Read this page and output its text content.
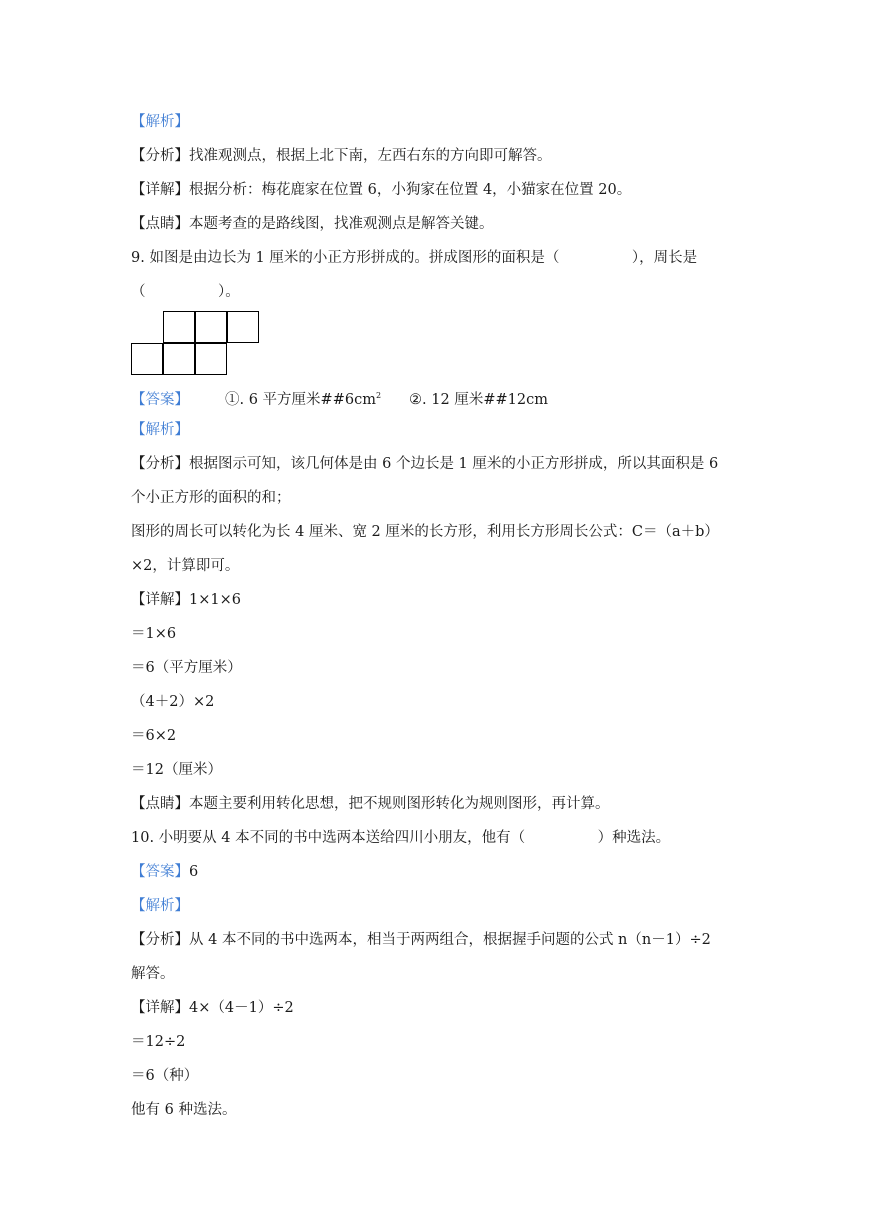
【解析】
【分析】找准观测点，根据上北下南，左西右东的方向即可解答。
【详解】根据分析：梅花鹿家在位置 6，小狗家在位置 4，小猫家在位置 20。
【点睛】本题考查的是路线图，找准观测点是解答关键。
9. 如图是由边长为 1 厘米的小正方形拼成的。拼成图形的面积是（　　　　　），周长是
（　　　　　）。
【答案】 ①. 6 平方厘米$\#\#6cm^2$ ②. 12 厘米##12cm
【解析】
【分析】根据图示可知，该几何体是由 6 个边长是 1 厘米的小正方形拼成，所以其面积是 6
个小正方形的面积的和；
图形的周长可以转化为长 4 厘米、宽 2 厘米的长方形，利用长方形周长公式：C＝（a＋b）
×2，计算即可。
【详解】1×1×6
＝1×6
＝6（平方厘米）
（4＋2）×2
＝6×2
＝12（厘米）
【点睛】本题主要利用转化思想，把不规则图形转化为规则图形，再计算。
10. 小明要从 4 本不同的书中选两本送给四川小朋友，他有（　　　　　）种选法。
【答案】6
【解析】
【分析】从 4 本不同的书中选两本，相当于两两组合，根据握手问题的公式 n（n－1）÷2
解答。
【详解】4×（4－1）÷2
＝12÷2
＝6（种）
他有 6 种选法。
